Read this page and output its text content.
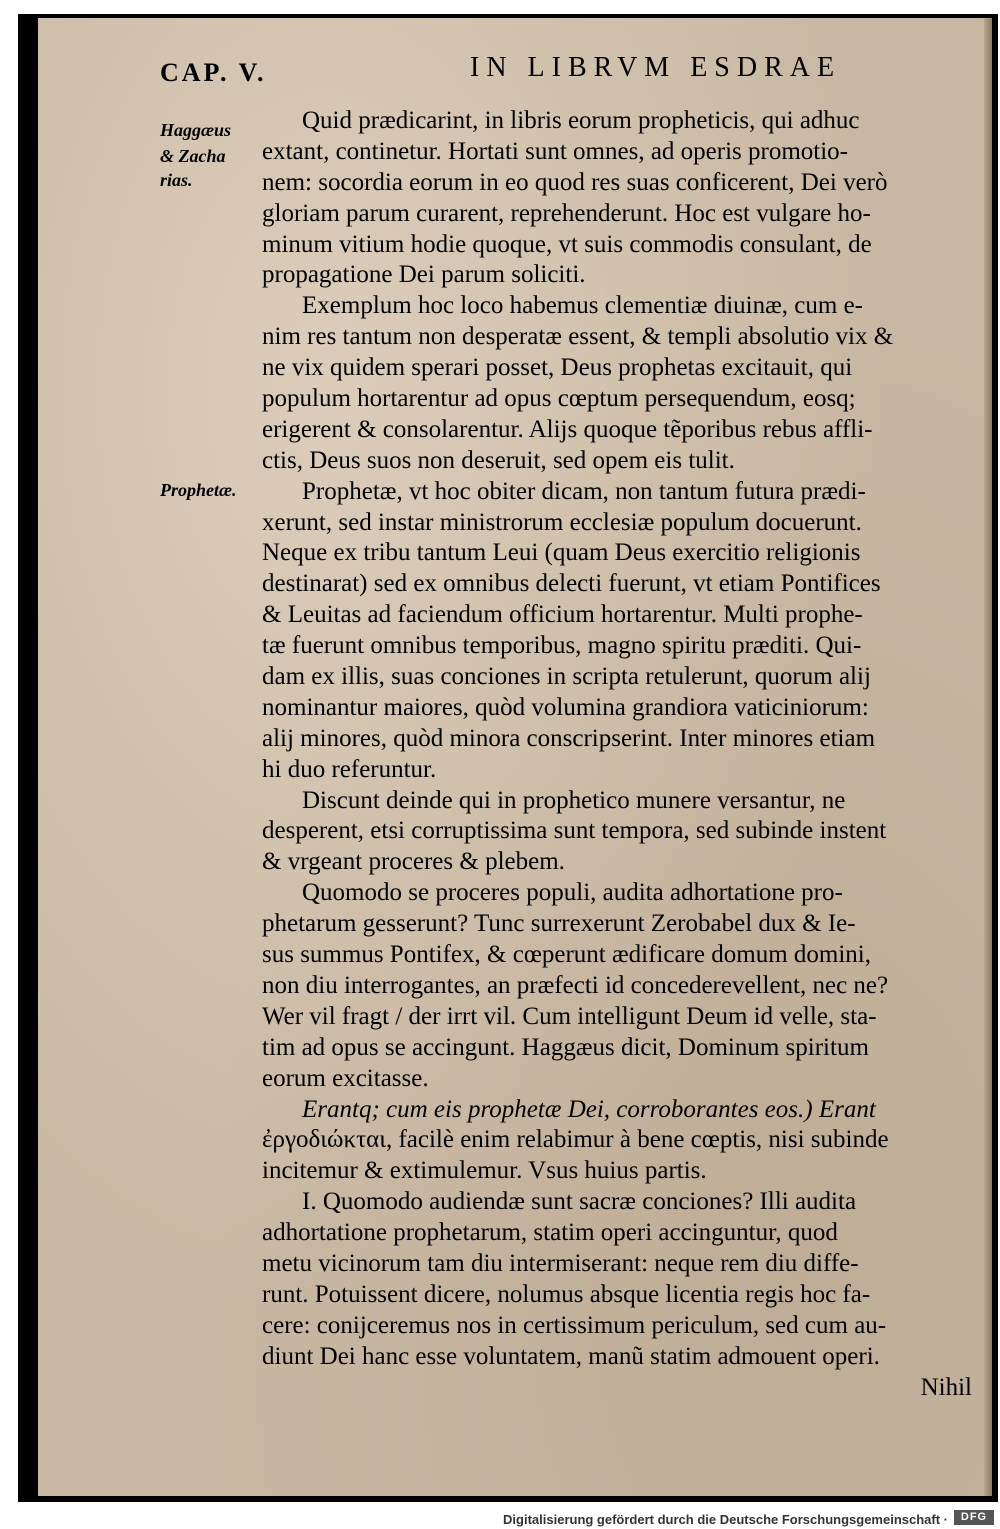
CAP. V.	IN LIBRVM ESDRAE
Haggæus
& Zacha
rias.
Prophetæ.
Quid prædicarint, in libris eorum propheticis, qui adhuc
extant, continetur. Hortati sunt omnes, ad operis promotio-
nem: socordia eorum in eo quod res suas conficerent, Dei verò
gloriam parum curarent, reprehenderunt. Hoc est vulgare ho-
minum vitium hodie quoque, vt suis commodis consulant, de
propagatione Dei parum soliciti.
Exemplum hoc loco habemus clementiæ diuinæ, cum e-
nim res tantum non desperatæ essent, & templi absolutio vix &
ne vix quidem sperari posset, Deus prophetas excitauit, qui
populum hortarentur ad opus cœptum persequendum, eosq;
erigerent & consolarentur. Alijs quoque tẽporibus rebus affli-
ctis, Deus suos non deseruit, sed opem eis tulit.
Prophetæ, vt hoc obiter dicam, non tantum futura prædi-
xerunt, sed instar ministrorum ecclesiæ populum docuerunt.
Neque ex tribu tantum Leui (quam Deus exercitio religionis
destinarat) sed ex omnibus delecti fuerunt, vt etiam Pontifices
& Leuitas ad faciendum officium hortarentur. Multi prophe-
tæ fuerunt omnibus temporibus, magno spiritu præditi. Qui-
dam ex illis, suas conciones in scripta retulerunt, quorum alij
nominantur maiores, quòd volumina grandiora vaticiniorum:
alij minores, quòd minora conscripserint. Inter minores etiam
hi duo referuntur.
Discunt deinde qui in prophetico munere versantur, ne
desperent, etsi corruptissima sunt tempora, sed subinde instent
& vrgeant proceres & plebem.
Quomodo se proceres populi, audita adhortatione pro-
phetarum gesserunt? Tunc surrexerunt Zerobabel dux & Ie-
sus summus Pontifex, & cœperunt ædificare domum domini,
non diu interrogantes, an præfecti id concederevellent, nec ne?
Wer vil fragt / der irrt vil. Cum intelligunt Deum id velle, sta-
tim ad opus se accingunt. Haggæus dicit, Dominum spiritum
eorum excitasse.
Erantq; cum eis prophetæ Dei, corroborantes eos.) Erant
ἐργοδιώκται, facilè enim relabimur à bene cœptis, nisi subinde
incitemur & extimulemur. Vsus huius partis.
I. Quomodo audiendæ sunt sacræ conciones? Illi audita
adhortatione prophetarum, statim operi accinguntur, quod
metu vicinorum tam diu intermiserant: neque rem diu diffe-
runt. Potuissent dicere, nolumus absque licentia regis hoc fa-
cere: conijceremus nos in certissimum periculum, sed cum au-
diunt Dei hanc esse voluntatem, manũ statim admouent operi.
Nihil
Digitalisierung gefördert durch die Deutsche Forschungsgemeinschaft ·	DFG
